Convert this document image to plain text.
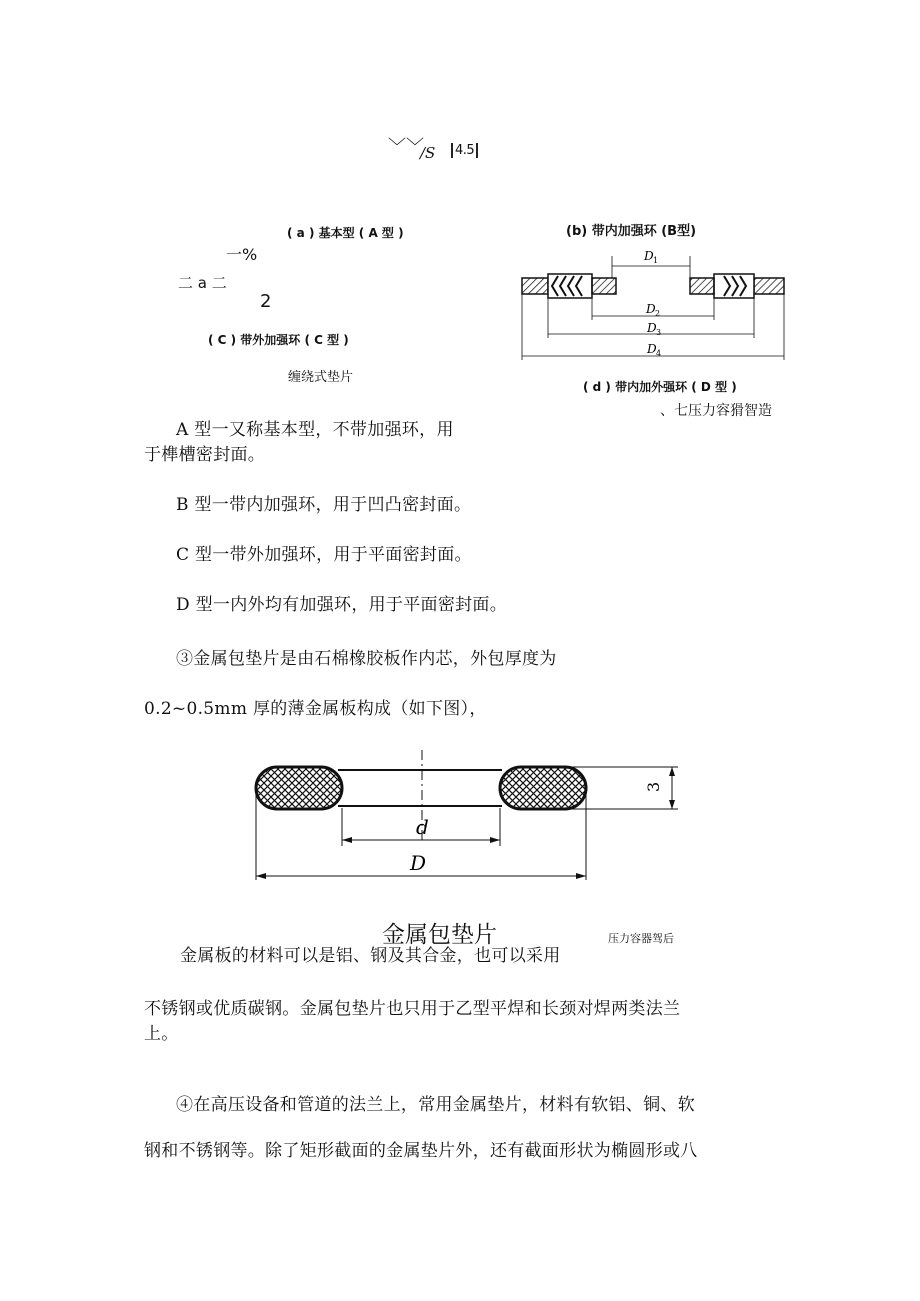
﹀﹀
/S	4.5
( a ) 基本型 ( A 型 )	(b) 带内加强环 (B型)
一%
二 a 二
2
( C ) 带外加强环 ( C 型 )
缠绕式垫片
( d ) 带内加外强环 ( D 型 )
、七压力容猾智造
D 1
D 2
D 3
D 4
A 型一又称基本型，不带加强环，用
于榫槽密封面。
B 型一带内加强环，用于凹凸密封面。
C 型一带外加强环，用于平面密封面。
D 型一内外均有加强环，用于平面密封面。
③金属包垫片是由石棉橡胶板作内芯，外包厚度为
0.2~0.5mm 厚的薄金属板构成（如下图），
d
D
3
金属包垫片	压力容器驾后
金属板的材料可以是铝、钢及其合金，也可以采用
不锈钢或优质碳钢。金属包垫片也只用于乙型平焊和长颈对焊两类法兰
上。
④在高压设备和管道的法兰上，常用金属垫片，材料有软铝、铜、软
钢和不锈钢等。除了矩形截面的金属垫片外，还有截面形状为椭圆形或八
